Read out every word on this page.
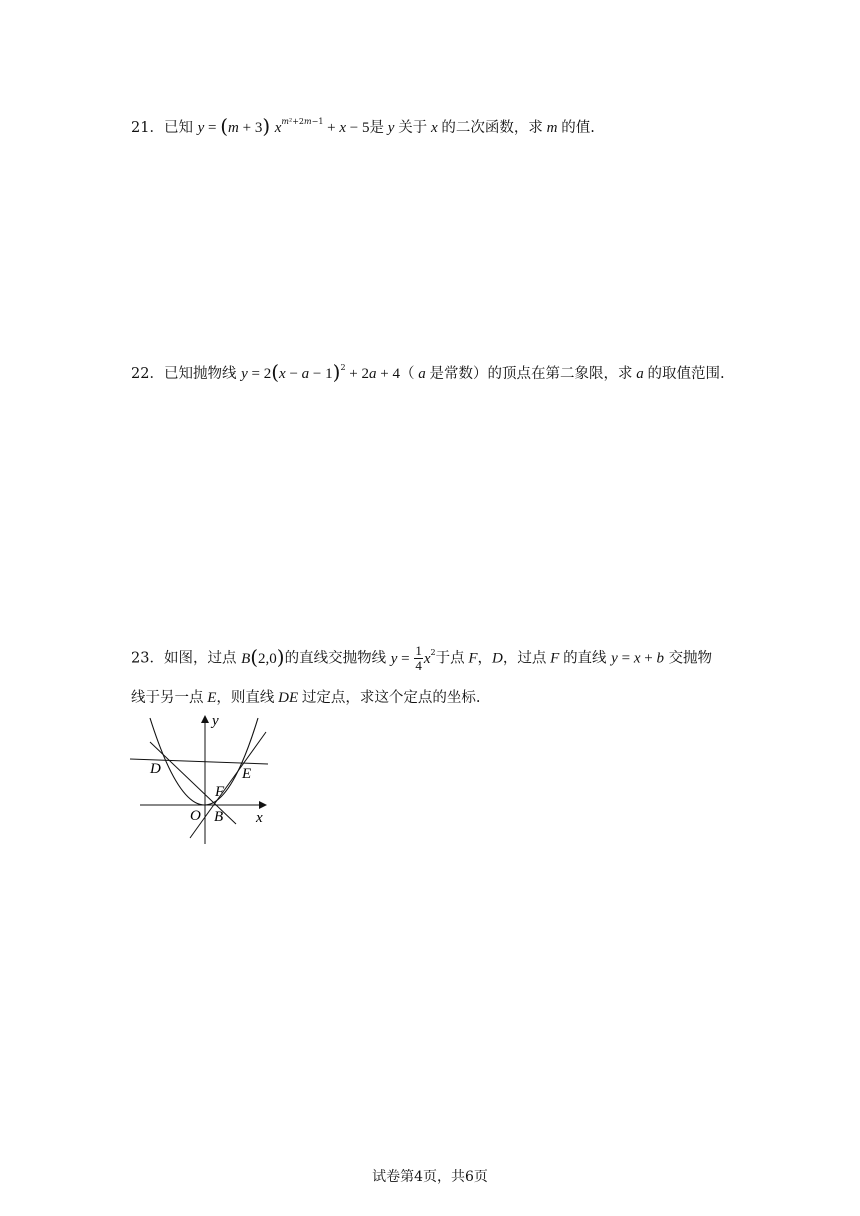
21．已知 y = (m + 3) $x^{m^2+2m-1} + x - 5$是 y 关于 x 的二次函数，求 m 的值.
22．已知抛物线 $y = 2(x - a - 1)^2 + 2a + 4$（ a 是常数）的顶点在第二象限，求 a 的取值范围.
23．如图，过点 B(2,0)的直线交抛物线 $y = \frac{1}{4} x^2$于点 F，D，过点 F 的直线 y = x + b 交抛物
线于另一点 E，则直线 DE 过定点，求这个定点的坐标.
y
x
O B
D	E
F
试卷第4页，共6页
